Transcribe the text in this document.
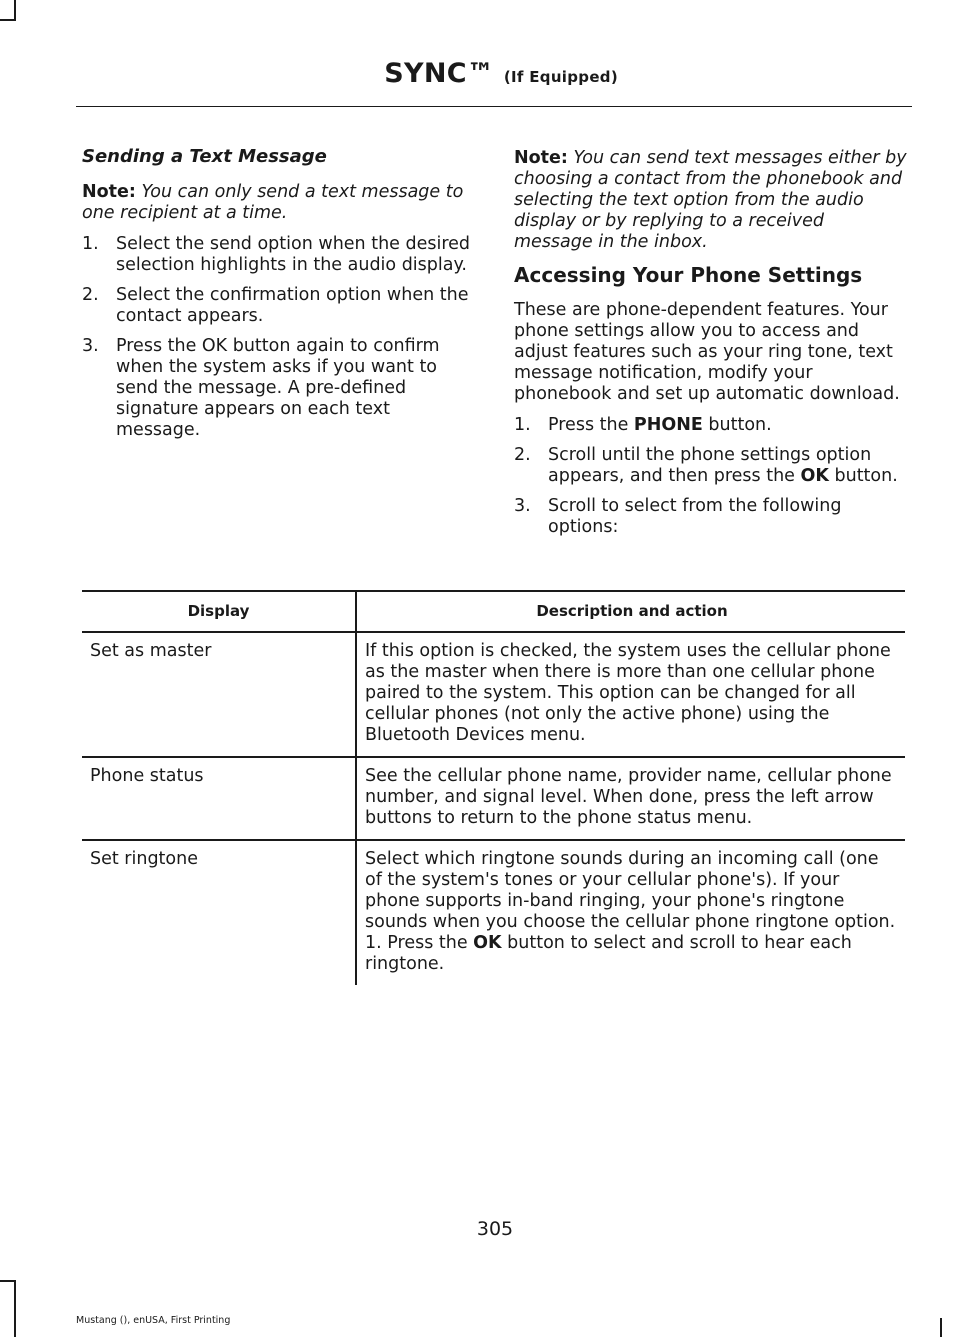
SYNC™ (If Equipped)
Sending a Text Message

Note: You can only send a text message to one recipient at a time.

1. Select the send option when the desired selection highlights in the audio display.
2. Select the confirmation option when the contact appears.
3. Press the OK button again to confirm when the system asks if you want to send the message. A pre-defined signature appears on each text message.

Note: You can send text messages either by choosing a contact from the phonebook and selecting the text option from the audio display or by replying to a received message in the inbox.

Accessing Your Phone Settings

These are phone-dependent features. Your phone settings allow you to access and adjust features such as your ring tone, text message notification, modify your phonebook and set up automatic download.

1. Press the PHONE button.
2. Scroll until the phone settings option appears, and then press the OK button.
3. Scroll to select from the following options:
Display	Description and action
Set as master	If this option is checked, the system uses the cellular phone as the master when there is more than one cellular phone paired to the system. This option can be changed for all cellular phones (not only the active phone) using the Bluetooth Devices menu.
Phone status	See the cellular phone name, provider name, cellular phone number, and signal level. When done, press the left arrow buttons to return to the phone status menu.
Set ringtone	Select which ringtone sounds during an incoming call (one of the system's tones or your cellular phone's). If your phone supports in-band ringing, your phone's ringtone sounds when you choose the cellular phone ringtone option.
1. Press the OK button to select and scroll to hear each ringtone.
305
Mustang (), enUSA, First Printing
